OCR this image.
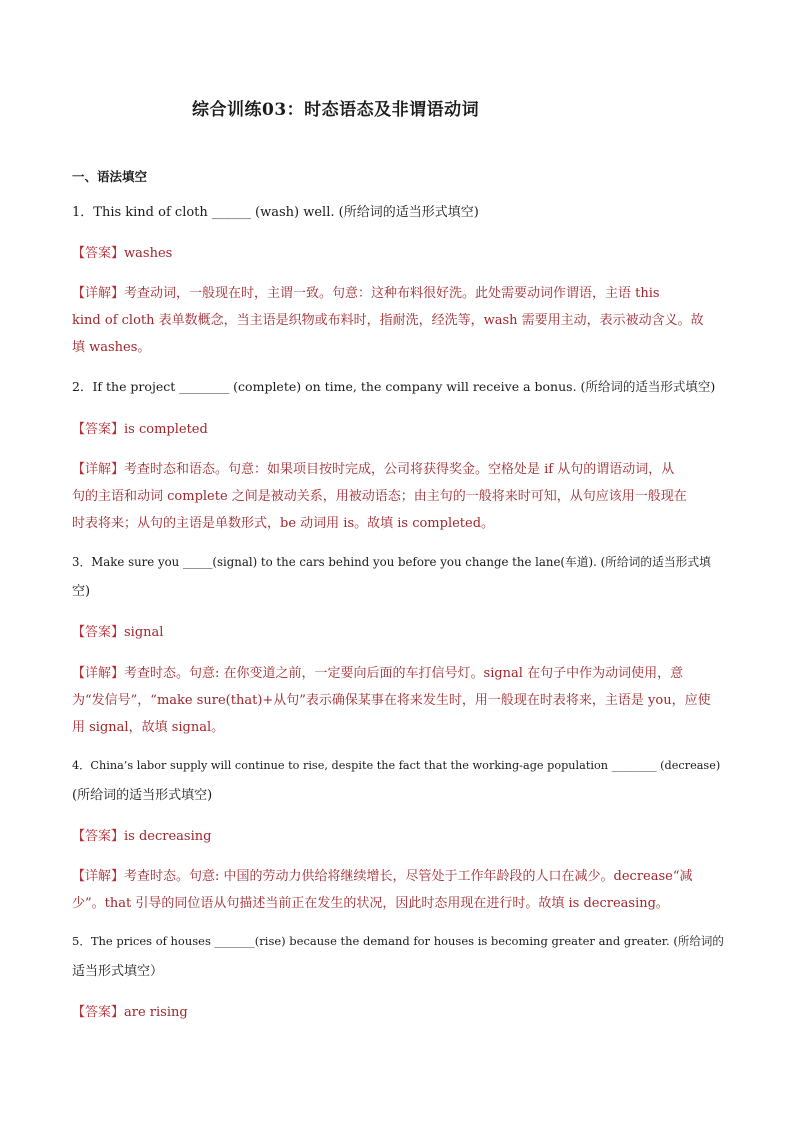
综合训练03：时态语态及非谓语动词
一、语法填空
1．This kind of cloth ______ (wash) well. (所给词的适当形式填空)
【答案】washes
【详解】考查动词，一般现在时，主谓一致。句意：这种布料很好洗。此处需要动词作谓语，主语 this
kind of cloth 表单数概念，当主语是织物或布料时，指耐洗，经洗等，wash 需要用主动，表示被动含义。故
填 washes。
2．If the project ________ (complete) on time, the company will receive a bonus. (所给词的适当形式填空)
【答案】is completed
【详解】考查时态和语态。句意：如果项目按时完成，公司将获得奖金。空格处是 if 从句的谓语动词，从
句的主语和动词 complete 之间是被动关系，用被动语态；由主句的一般将来时可知，从句应该用一般现在
时表将来；从句的主语是单数形式，be 动词用 is。故填 is completed。
3．Make sure you _____(signal) to the cars behind you before you change the lane(车道). (所给词的适当形式填
空)
【答案】signal
【详解】考查时态。句意: 在你变道之前，一定要向后面的车打信号灯。signal 在句子中作为动词使用，意
为“发信号”，“make sure(that)+从句”表示确保某事在将来发生时，用一般现在时表将来，主语是 you，应使
用 signal，故填 signal。
4．China’s labor supply will continue to rise, despite the fact that the working-age population ________ (decrease)
(所给词的适当形式填空)
【答案】is decreasing
【详解】考查时态。句意: 中国的劳动力供给将继续增长，尽管处于工作年龄段的人口在减少。decrease“减
少”。that 引导的同位语从句描述当前正在发生的状况，因此时态用现在进行时。故填 is decreasing。
5．The prices of houses _______(rise) because the demand for houses is becoming greater and greater. (所给词的
适当形式填空）
【答案】are rising
